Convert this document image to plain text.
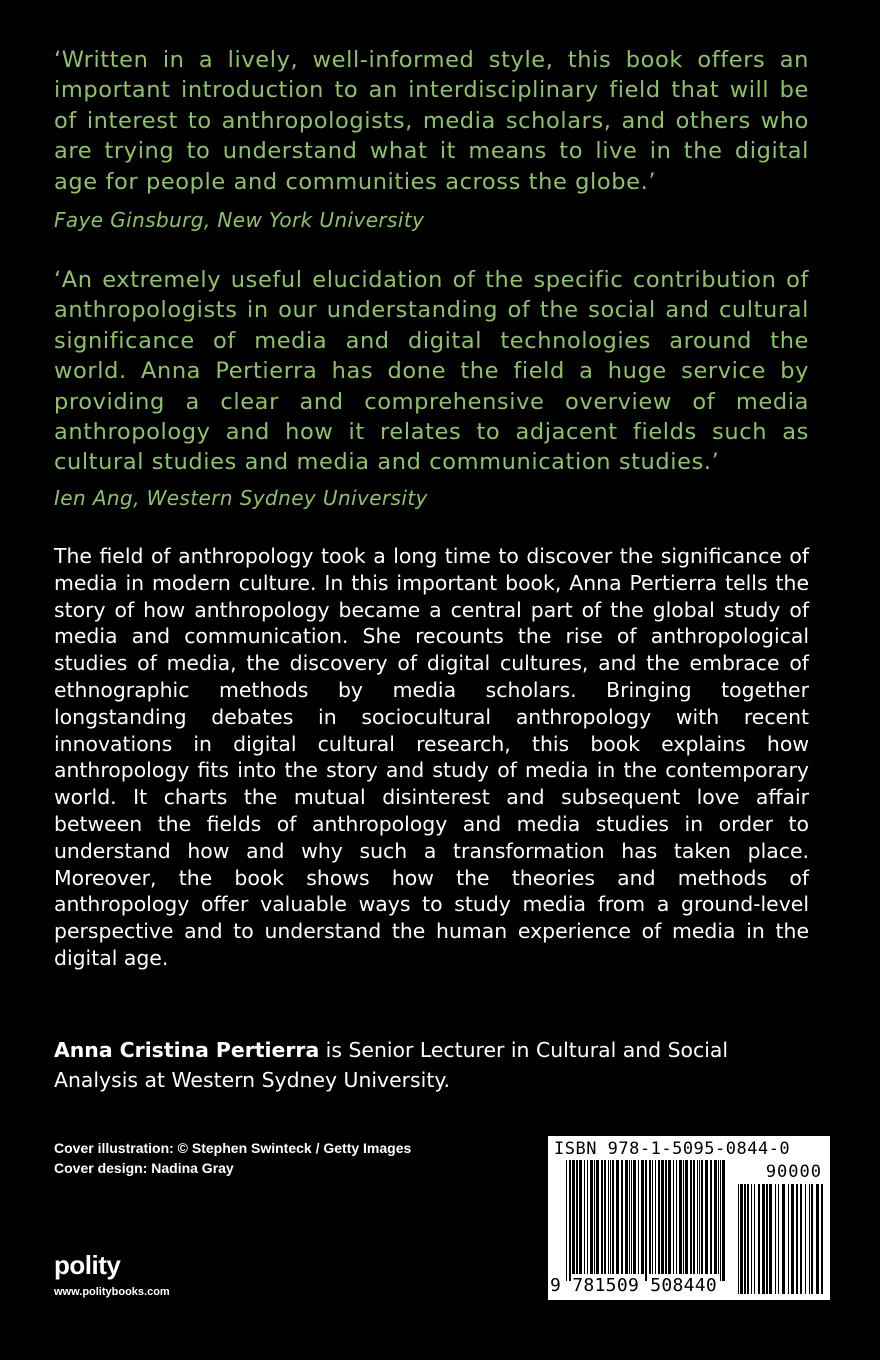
‘Written in a lively, well-informed style, this book offers an important introduction to an interdisciplinary field that will be of interest to anthropologists, media scholars, and others who are trying to understand what it means to live in the digital age for people and communities across the globe.’

Faye Ginsburg, New York University

‘An extremely useful elucidation of the specific contribution of anthropologists in our understanding of the social and cultural significance of media and digital technologies around the world. Anna Pertierra has done the field a huge service by providing a clear and comprehensive overview of media anthropology and how it relates to adjacent fields such as cultural studies and media and communication studies.’

Ien Ang, Western Sydney University

The field of anthropology took a long time to discover the significance of media in modern culture. In this important book, Anna Pertierra tells the story of how anthropology became a central part of the global study of media and communication. She recounts the rise of anthropological studies of media, the discovery of digital cultures, and the embrace of ethnographic methods by media scholars. Bringing together longstanding debates in sociocultural anthropology with recent innovations in digital cultural research, this book explains how anthropology fits into the story and study of media in the contemporary world. It charts the mutual disinterest and subsequent love affair between the fields of anthropology and media studies in order to understand how and why such a transformation has taken place. Moreover, the book shows how the theories and methods of anthropology offer valuable ways to study media from a ground-level perspective and to understand the human experience of media in the digital age.

Anna Cristina Pertierra is Senior Lecturer in Cultural and Social Analysis at Western Sydney University.

Cover illustration: © Stephen Swinteck / Getty Images
Cover design: Nadina Gray
polity
www.politybooks.com
ISBN 978-1-5095-0844-0
90000
9 781509 508440
